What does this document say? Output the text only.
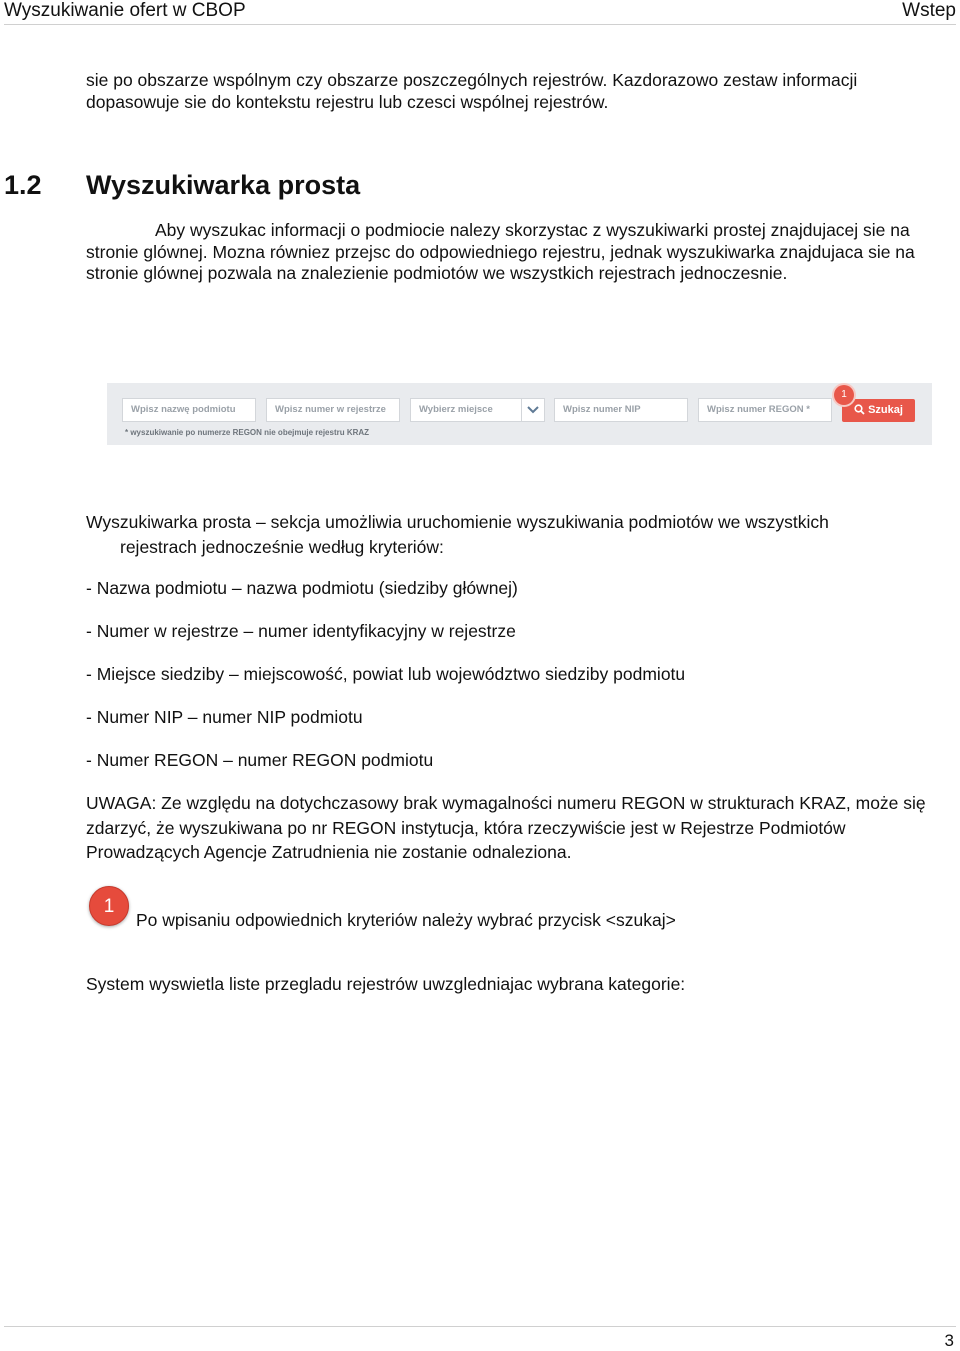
Wyszukiwanie ofert w CBOP	Wstep

sie po obszarze wspólnym czy obszarze poszczególnych rejestrów. Kazdorazowo zestaw informacji dopasowuje sie do kontekstu rejestru lub czesci wspólnej rejestrów.

1.2 Wyszukiwarka prosta

Aby wyszukac informacji o podmiocie nalezy skorzystac z wyszukiwarki prostej znajdujacej sie na stronie glównej. Mozna równiez przejsc do odpowiedniego rejestru, jednak wyszukiwarka znajdujaca sie na stronie glównej pozwala na znalezienie podmiotów we wszystkich rejestrach jednoczesnie.

Wpisz nazwę podmiotu	Wpisz numer w rejestrze	Wybierz miejsce	Wpisz numer NIP	Wpisz numer REGON *	Szukaj
1
* wyszukiwanie po numerze REGON nie obejmuje rejestru KRAZ

Wyszukiwarka prosta – sekcja umożliwia uruchomienie wyszukiwania podmiotów we wszystkich
rejestrach jednocześnie według kryteriów:

- Nazwa podmiotu – nazwa podmiotu (siedziby głównej)

- Numer w rejestrze – numer identyfikacyjny w rejestrze

- Miejsce siedziby – miejscowość, powiat lub województwo siedziby podmiotu

- Numer NIP – numer NIP podmiotu

- Numer REGON – numer REGON podmiotu

UWAGA: Ze względu na dotychczasowy brak wymagalności numeru REGON w strukturach KRAZ, może się zdarzyć, że wyszukiwana po nr REGON instytucja, która rzeczywiście jest w Rejestrze Podmiotów Prowadzących Agencje Zatrudnienia nie zostanie odnaleziona.

1

Po wpisaniu odpowiednich kryteriów należy wybrać przycisk <szukaj>

System wyswietla liste przegladu rejestrów uwzgledniajac wybrana kategorie:

3
